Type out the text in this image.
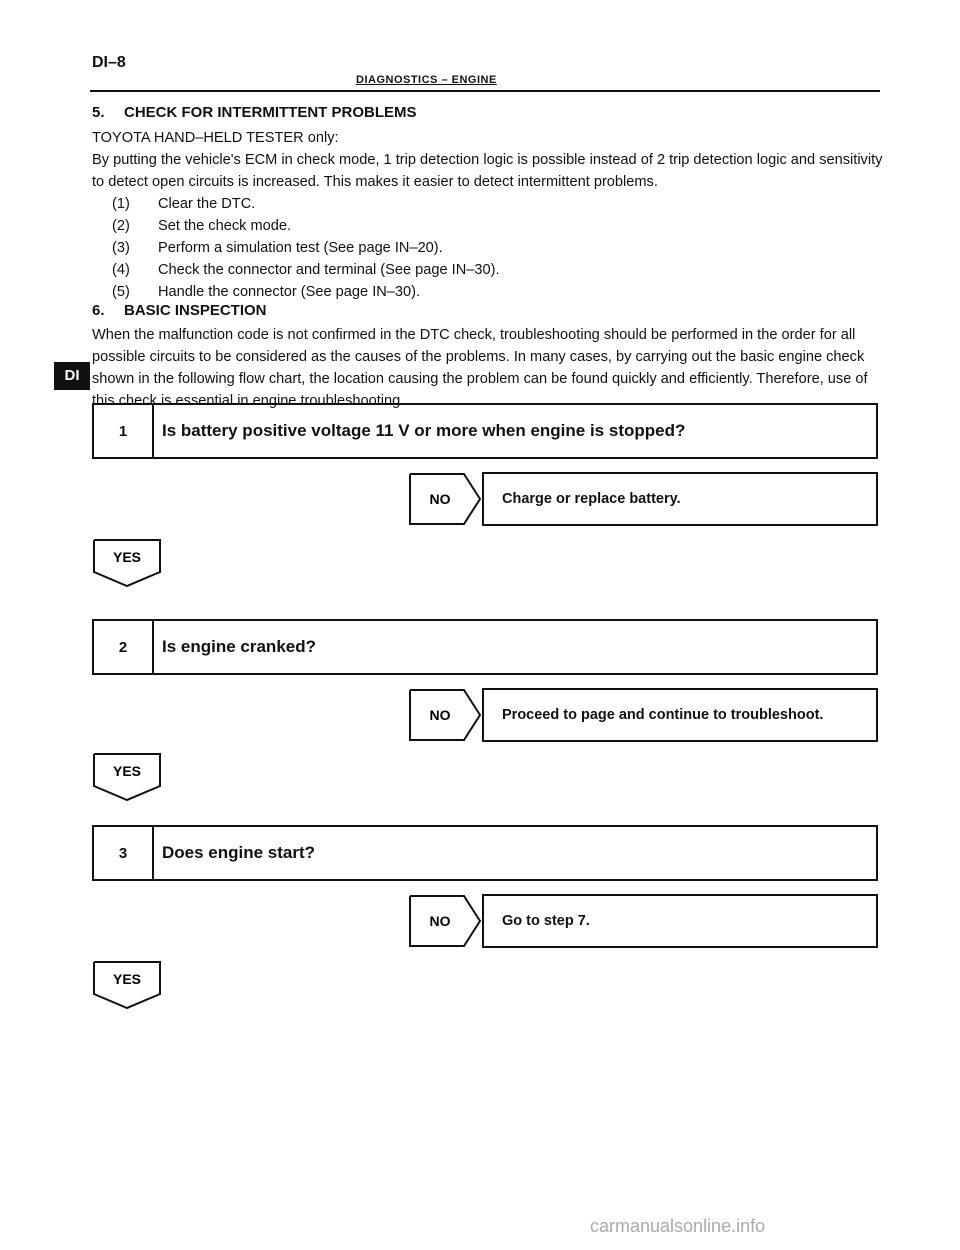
DI–8
DIAGNOSTICS – ENGINE
5. CHECK FOR INTERMITTENT PROBLEMS
TOYOTA HAND–HELD TESTER only:
By putting the vehicle's ECM in check mode, 1 trip detection logic is possible instead of 2 trip detection logic and sensitivity to detect open circuits is increased. This makes it easier to detect intermittent problems.
(1) Clear the DTC.
(2) Set the check mode.
(3) Perform a simulation test (See page IN–20).
(4) Check the connector and terminal (See page IN–30).
(5) Handle the connector (See page IN–30).
6. BASIC INSPECTION
When the malfunction code is not confirmed in the DTC check, troubleshooting should be performed in the order for all possible circuits to be considered as the causes of the problems. In many cases, by carrying out the basic engine check shown in the following flow chart, the location causing the problem can be found quickly and efficiently. Therefore, use of this check is essential in engine troubleshooting.
DI
1	Is battery positive voltage 11 V or more when engine is stopped?
NO	Charge or replace battery.
YES
2	Is engine cranked?
NO	Proceed to page and continue to troubleshoot.
YES
3	Does engine start?
NO	Go to step 7.
YES
carmanualsonline.info
